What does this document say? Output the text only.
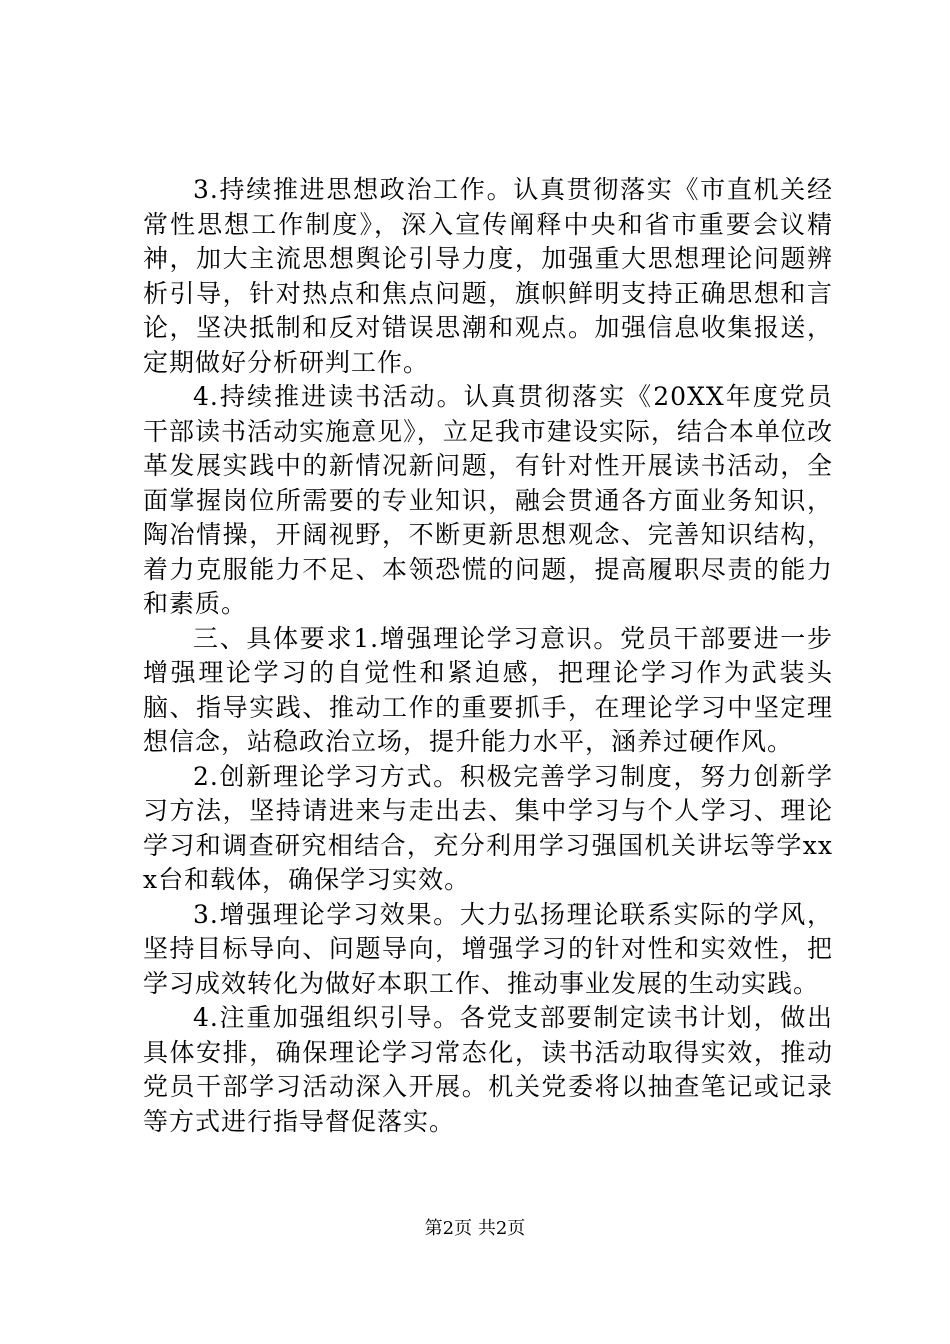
3.持续推进思想政治工作。认真贯彻落实《市直机关经常性思想工作制度》，深入宣传阐释中央和省市重要会议精神，加大主流思想舆论引导力度，加强重大思想理论问题辨析引导，针对热点和焦点问题，旗帜鲜明支持正确思想和言论，坚决抵制和反对错误思潮和观点。加强信息收集报送，定期做好分析研判工作。

4.持续推进读书活动。认真贯彻落实《20XX年度党员干部读书活动实施意见》，立足我市建设实际，结合本单位改革发展实践中的新情况新问题，有针对性开展读书活动，全面掌握岗位所需要的专业知识，融会贯通各方面业务知识，陶冶情操，开阔视野，不断更新思想观念、完善知识结构，着力克服能力不足、本领恐慌的问题，提高履职尽责的能力和素质。

三、具体要求1.增强理论学习意识。党员干部要进一步增强理论学习的自觉性和紧迫感，把理论学习作为武装头脑、指导实践、推动工作的重要抓手，在理论学习中坚定理想信念，站稳政治立场，提升能力水平，涵养过硬作风。

2.创新理论学习方式。积极完善学习制度，努力创新学习方法，坚持请进来与走出去、集中学习与个人学习、理论学习和调查研究相结合，充分利用学习强国机关讲坛等学xxx台和载体，确保学习实效。

3.增强理论学习效果。大力弘扬理论联系实际的学风，坚持目标导向、问题导向，增强学习的针对性和实效性，把学习成效转化为做好本职工作、推动事业发展的生动实践。

4.注重加强组织引导。各党支部要制定读书计划，做出具体安排，确保理论学习常态化，读书活动取得实效，推动党员干部学习活动深入开展。机关党委将以抽查笔记或记录等方式进行指导督促落实。

第2页 共2页
